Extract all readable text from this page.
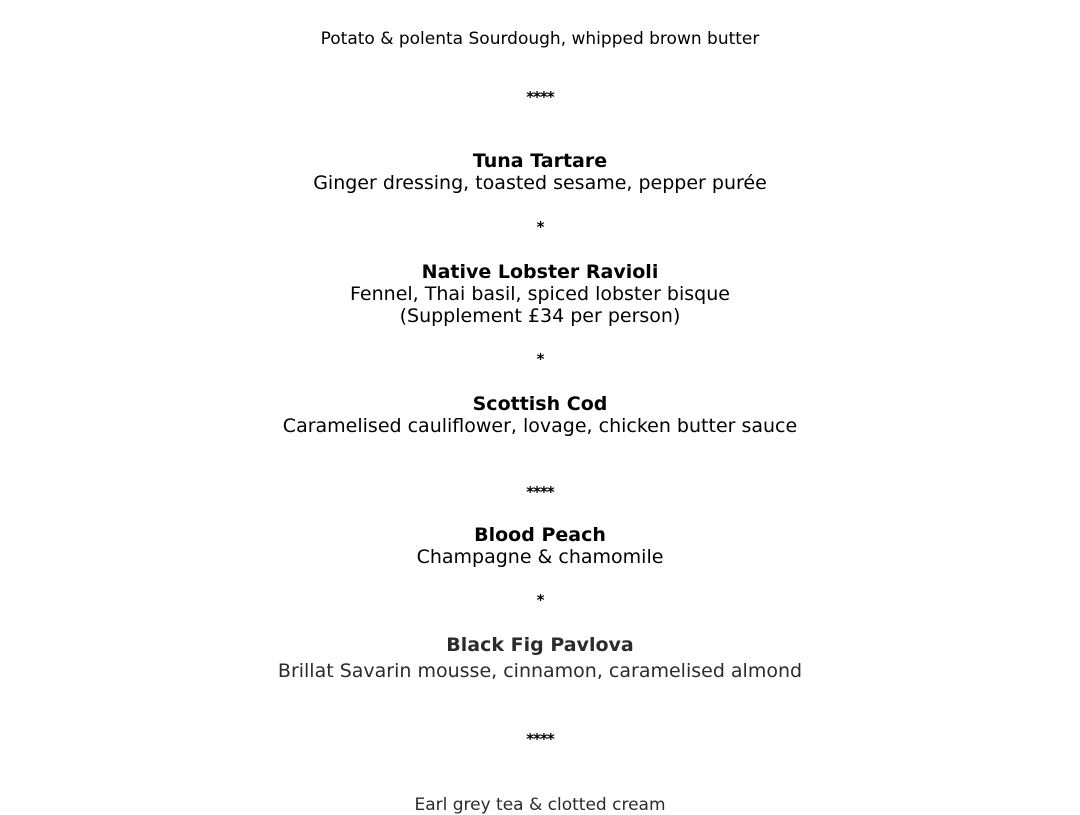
Potato & polenta Sourdough, whipped brown butter
****
Tuna Tartare
Ginger dressing, toasted sesame, pepper purée
*
Native Lobster Ravioli
Fennel, Thai basil, spiced lobster bisque
(Supplement £34 per person)
*
Scottish Cod
Caramelised cauliflower, lovage, chicken butter sauce
****
Blood Peach
Champagne & chamomile
*
Black Fig Pavlova
Brillat Savarin mousse, cinnamon, caramelised almond
****
Earl grey tea & clotted cream
